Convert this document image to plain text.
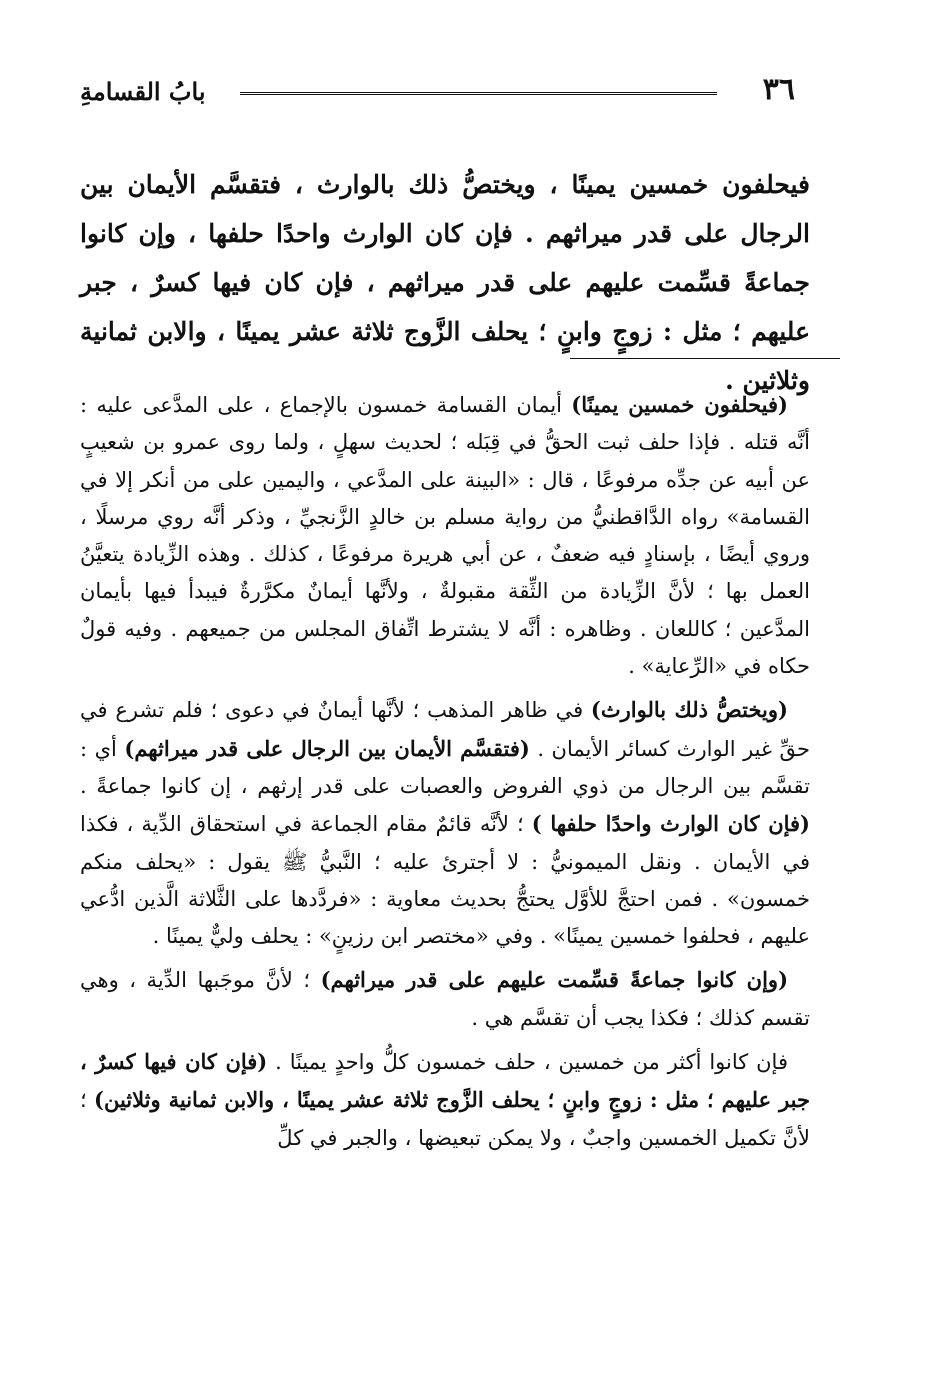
٣٦
بابُ القسامةِ

فيحلفون خمسين يمينًا ، ويختصُّ ذلك بالوارث ، فتقسَّم الأيمان بين الرجال على قدر ميراثهم . فإن كان الوارث واحدًا حلفها ، وإن كانوا جماعةً قسِّمت عليهم على قدر ميراثهم ، فإن كان فيها كسرٌ ، جبر عليهم ؛ مثل : زوجٍ وابنٍ ؛ يحلف الزَّوج ثلاثة عشر يمينًا ، والابن ثمانية وثلاثين .

(فيحلفون خمسين يمينًا) أيمان القسامة خمسون بالإجماع ، على المدَّعى عليه : أنَّه قتله . فإذا حلف ثبت الحقُّ في قِبَله ؛ لحديث سهلٍ ، ولما روى عمرو بن شعيبٍ عن أبيه عن جدِّه مرفوعًا ، قال : «البينة على المدَّعي ، واليمين على من أنكر إلا في القسامة» رواه الدَّاقطنيُّ من رواية مسلم بن خالدٍ الزَّنجيِّ ، وذكر أنَّه روي مرسلًا ، وروي أيضًا ، بإسنادٍ فيه ضعفٌ ، عن أبي هريرة مرفوعًا ، كذلك . وهذه الزِّيادة يتعيَّنُ العمل بها ؛ لأنَّ الزِّيادة من الثِّقة مقبولةٌ ، ولأنَّها أيمانٌ مكرَّرةٌ فيبدأ فيها بأيمان المدَّعين ؛ كاللعان . وظاهره : أنَّه لا يشترط اتِّفاق المجلس من جميعهم . وفيه قولٌ حكاه في «الرِّعاية» .

(ويختصُّ ذلك بالوارث) في ظاهر المذهب ؛ لأنَّها أيمانٌ في دعوى ؛ فلم تشرع في حقِّ غير الوارث كسائر الأيمان . (فتقسَّم الأيمان بين الرجال على قدر ميراثهم) أي : تقسَّم بين الرجال من ذوي الفروض والعصبات على قدر إرثهم ، إن كانوا جماعةً . (فإن كان الوارث واحدًا حلفها ) ؛ لأنَّه قائمٌ مقام الجماعة في استحقاق الدِّية ، فكذا في الأيمان . ونقل الميمونيُّ : لا أجترئ عليه ؛ النَّبيُّ ﷺ يقول : «يحلف منكم خمسون» . فمن احتجَّ للأوَّل يحتجُّ بحديث معاوية : «فردَّدها على الثَّلاثة الَّذين ادُّعي عليهم ، فحلفوا خمسين يمينًا» . وفي «مختصر ابن رزينٍ» : يحلف وليٌّ يمينًا .

(وإن كانوا جماعةً قسِّمت عليهم على قدر ميراثهم) ؛ لأنَّ موجَبها الدِّية ، وهي تقسم كذلك ؛ فكذا يجب أن تقسَّم هي .

فإن كانوا أكثر من خمسين ، حلف خمسون كلُّ واحدٍ يمينًا . (فإن كان فيها كسرٌ ، جبر عليهم ؛ مثل : زوجٍ وابنٍ ؛ يحلف الزَّوج ثلاثة عشر يمينًا ، والابن ثمانية وثلاثين) ؛ لأنَّ تكميل الخمسين واجبٌ ، ولا يمكن تبعيضها ، والجبر في كلِّ
